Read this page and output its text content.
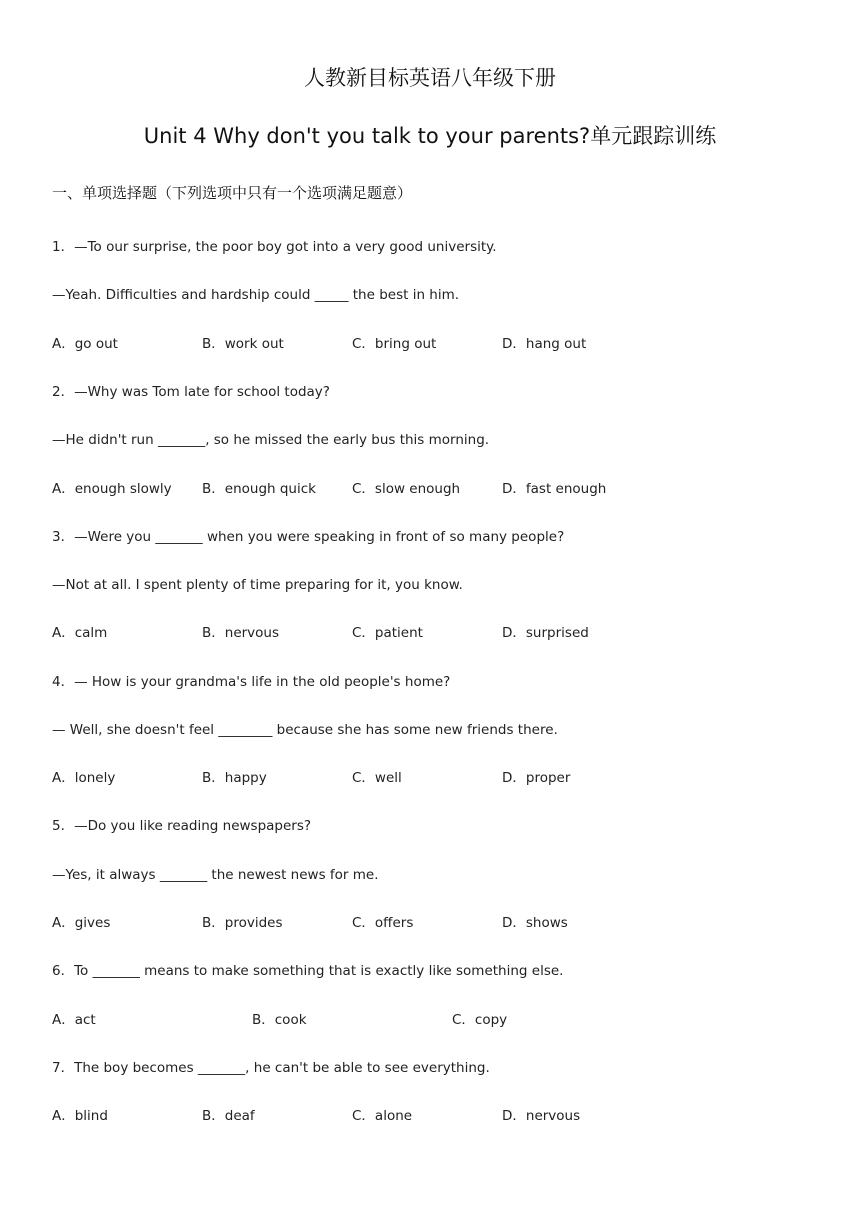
人教新目标英语八年级下册
Unit 4 Why don't you talk to your parents?单元跟踪训练
一、单项选择题（下列选项中只有一个选项满足题意）
1．—To our surprise, the poor boy got into a very good university.
—Yeah. Difficulties and hardship could _____ the best in him.
A．go out	B．work out	C．bring out	D．hang out
2．—Why was Tom late for school today?
—He didn't run _______, so he missed the early bus this morning.
A．enough slowly B．enough quick	C．slow enough	D．fast enough
3．—Were you _______ when you were speaking in front of so many people?
—Not at all. I spent plenty of time preparing for it, you know.
A．calm	B．nervous	C．patient	D．surprised
4．— How is your grandma's life in the old people's home?
— Well, she doesn't feel ________ because she has some new friends there.
A．lonely	B．happy	C．well	D．proper
5．—Do you like reading newspapers?
—Yes, it always _______ the newest news for me.
A．gives	B．provides	C．offers	D．shows
6．To _______ means to make something that is exactly like something else.
A．act	B．cook	C．copy
7．The boy becomes _______, he can't be able to see everything.
A．blind	B．deaf	C．alone	D．nervous
